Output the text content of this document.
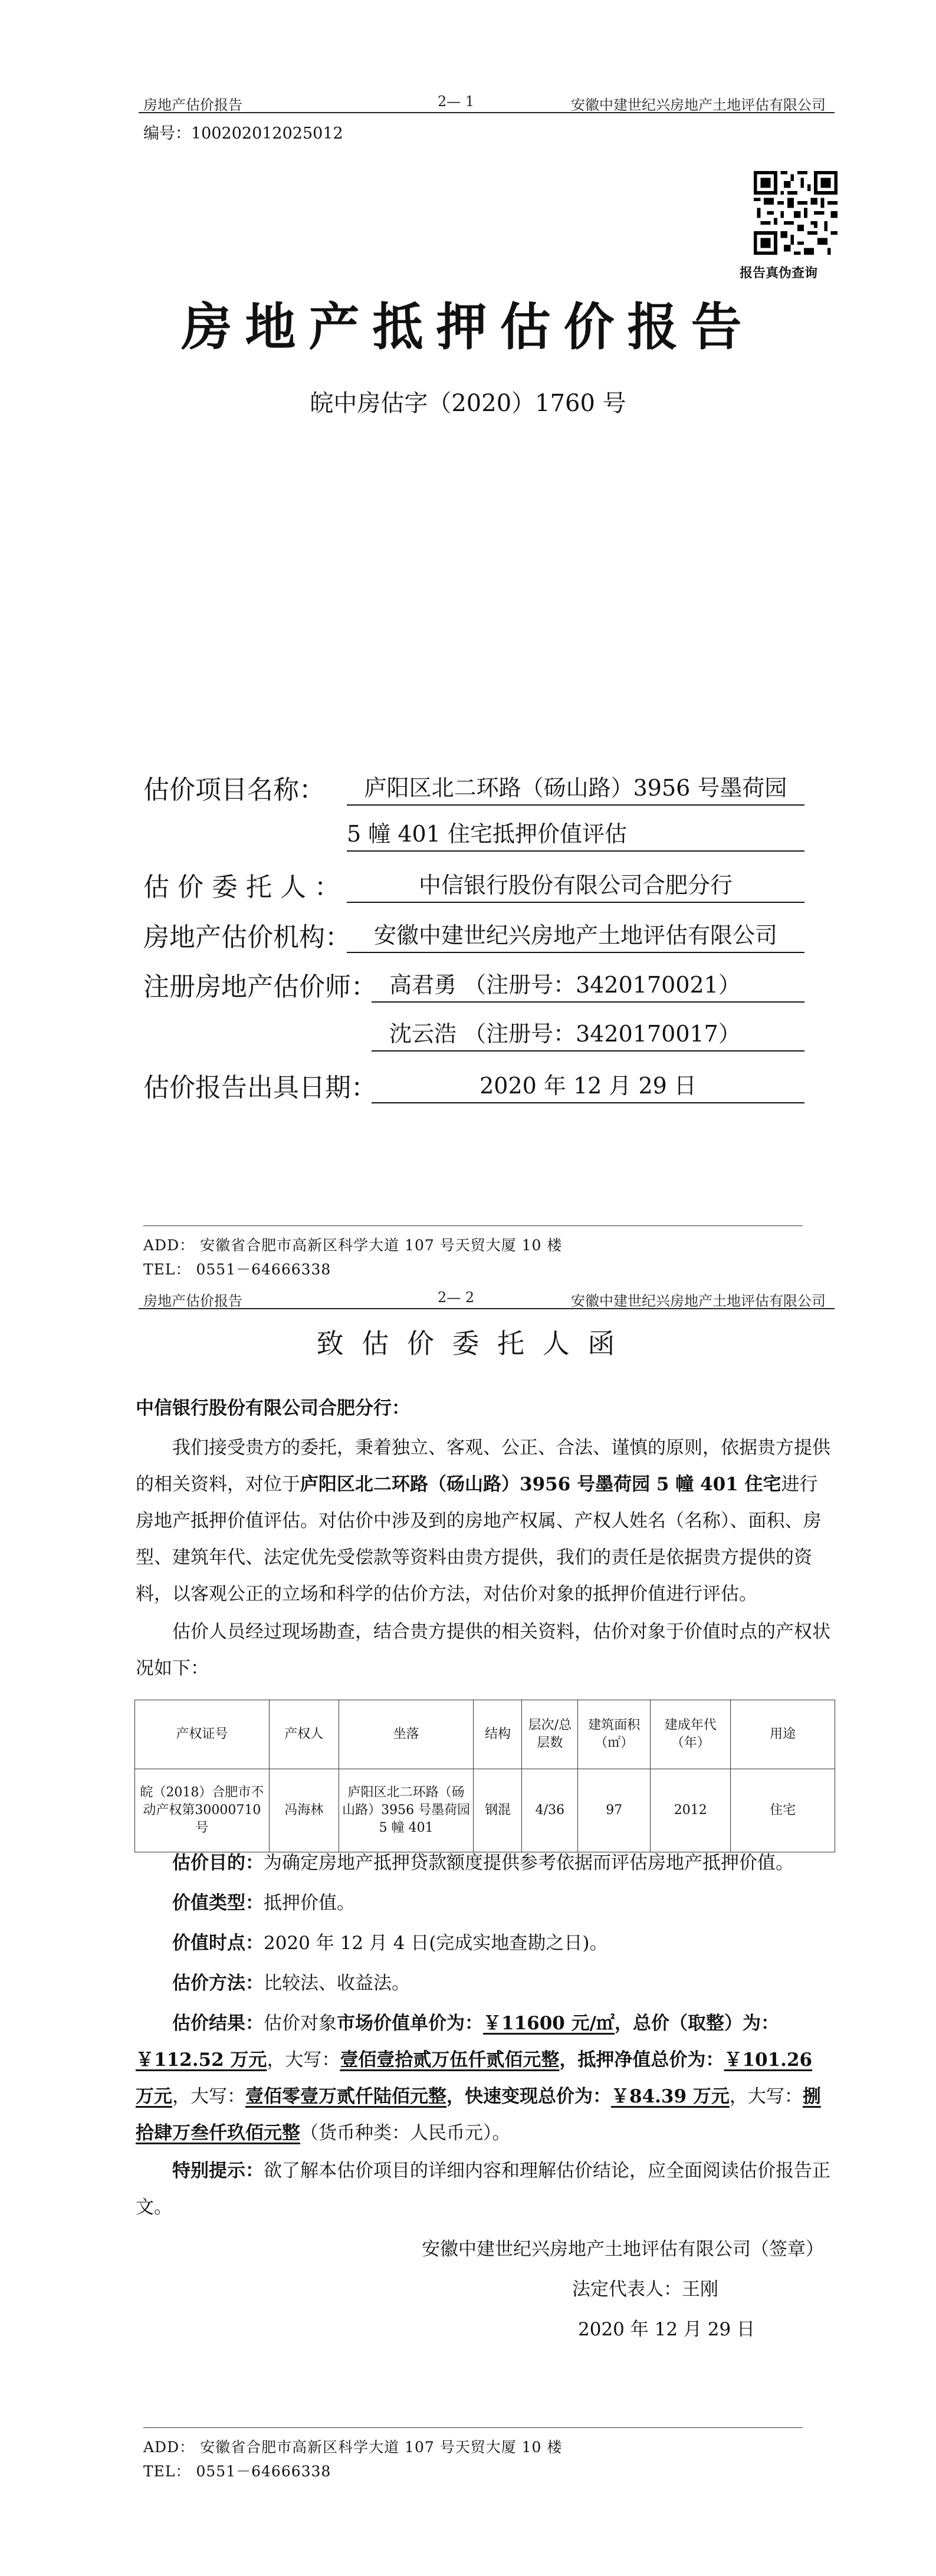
房地产估价报告	2— 1	安徽中建世纪兴房地产土地评估有限公司
编号：100202012025012
报告真伪查询
房地产抵押估价报告
皖中房估字（2020）1760 号
估价项目名称：	庐阳区北二环路（砀山路）3956 号墨荷园
5 幢 401 住宅抵押价值评估
估 价 委 托 人 ：	中信银行股份有限公司合肥分行
房地产估价机构：	安徽中建世纪兴房地产土地评估有限公司
注册房地产估价师： 高君勇 （注册号：3420170021）
沈云浩 （注册号：3420170017）
估价报告出具日期：	2020 年 12 月 29 日
ADD： 安徽省合肥市高新区科学大道 107 号天贸大厦 10 楼
TEL： 0551－64666338
房地产估价报告	2— 2	安徽中建世纪兴房地产土地评估有限公司
致 估 价 委 托 人 函
中信银行股份有限公司合肥分行：
我们接受贵方的委托，秉着独立、客观、公正、合法、谨慎的原则，依据贵方提供的相关资料，对位于庐阳区北二环路（砀山路）3956 号墨荷园 5 幢 401 住宅进行房地产抵押价值评估。对估价中涉及到的房地产权属、产权人姓名（名称）、面积、房型、建筑年代、法定优先受偿款等资料由贵方提供，我们的责任是依据贵方提供的资料，以客观公正的立场和科学的估价方法，对估价对象的抵押价值进行评估。
估价人员经过现场勘查，结合贵方提供的相关资料，估价对象于价值时点的产权状况如下：
产权证号	产权人	坐落	结构	层次/总层数	建筑面积（㎡）	建成年代（年）	用途
皖（2018）合肥市不动产权第30000710号	冯海林	庐阳区北二环路（砀山路）3956 号墨荷园 5 幢 401	钢混	4/36	97	2012	住宅
估价目的：为确定房地产抵押贷款额度提供参考依据而评估房地产抵押价值。
价值类型：抵押价值。
价值时点：2020 年 12 月 4 日(完成实地查勘之日)。
估价方法：比较法、收益法。
估价结果：估价对象市场价值单价为：￥11600 元/㎡，总价（取整）为：￥112.52 万元，大写：壹佰壹拾贰万伍仟贰佰元整，抵押净值总价为：￥101.26 万元，大写：壹佰零壹万贰仟陆佰元整，快速变现总价为：￥84.39 万元，大写：捌拾肆万叁仟玖佰元整（货币种类：人民币元）。
特别提示：欲了解本估价项目的详细内容和理解估价结论，应全面阅读估价报告正文。
安徽中建世纪兴房地产土地评估有限公司（签章）
法定代表人：王刚
2020 年 12 月 29 日
ADD： 安徽省合肥市高新区科学大道 107 号天贸大厦 10 楼
TEL： 0551－64666338
